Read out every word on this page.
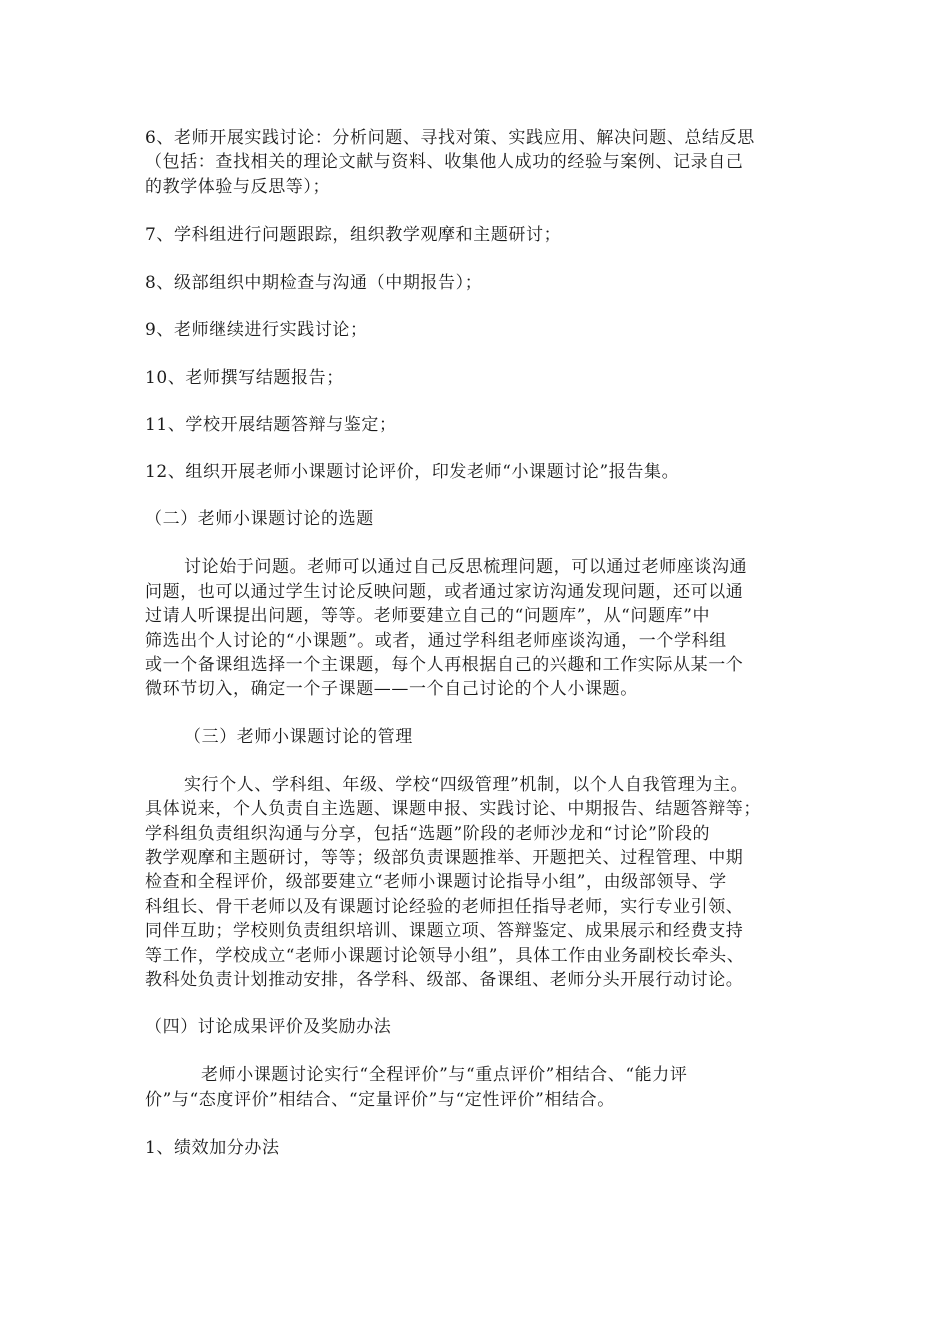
6、老师开展实践讨论：分析问题、寻找对策、实践应用、解决问题、总结反思
（包括：查找相关的理论文献与资料、收集他人成功的经验与案例、记录自己
的教学体验与反思等）；
7、学科组进行问题跟踪，组织教学观摩和主题研讨；
8、级部组织中期检查与沟通（中期报告）；
9、老师继续进行实践讨论；
10、老师撰写结题报告；
11、学校开展结题答辩与鉴定；
12、组织开展老师小课题讨论评价，印发老师“小课题讨论”报告集。
（二）老师小课题讨论的选题
讨论始于问题。老师可以通过自己反思梳理问题，可以通过老师座谈沟通
问题，也可以通过学生讨论反映问题，或者通过家访沟通发现问题，还可以通
过请人听课提出问题，等等。老师要建立自己的“问题库”，从“问题库”中
筛选出个人讨论的“小课题”。或者，通过学科组老师座谈沟通，一个学科组
或一个备课组选择一个主课题，每个人再根据自己的兴趣和工作实际从某一个
微环节切入，确定一个子课题——一个自己讨论的个人小课题。
（三）老师小课题讨论的管理
实行个人、学科组、年级、学校“四级管理”机制，以个人自我管理为主。
具体说来，个人负责自主选题、课题申报、实践讨论、中期报告、结题答辩等；
学科组负责组织沟通与分享，包括“选题”阶段的老师沙龙和“讨论”阶段的
教学观摩和主题研讨，等等；级部负责课题推举、开题把关、过程管理、中期
检查和全程评价，级部要建立“老师小课题讨论指导小组”，由级部领导、学
科组长、骨干老师以及有课题讨论经验的老师担任指导老师，实行专业引领、
同伴互助；学校则负责组织培训、课题立项、答辩鉴定、成果展示和经费支持
等工作，学校成立“老师小课题讨论领导小组”，具体工作由业务副校长牵头、
教科处负责计划推动安排，各学科、级部、备课组、老师分头开展行动讨论。
（四）讨论成果评价及奖励办法
老师小课题讨论实行“全程评价”与“重点评价”相结合、“能力评
价”与“态度评价”相结合、“定量评价”与“定性评价”相结合。
1、绩效加分办法
